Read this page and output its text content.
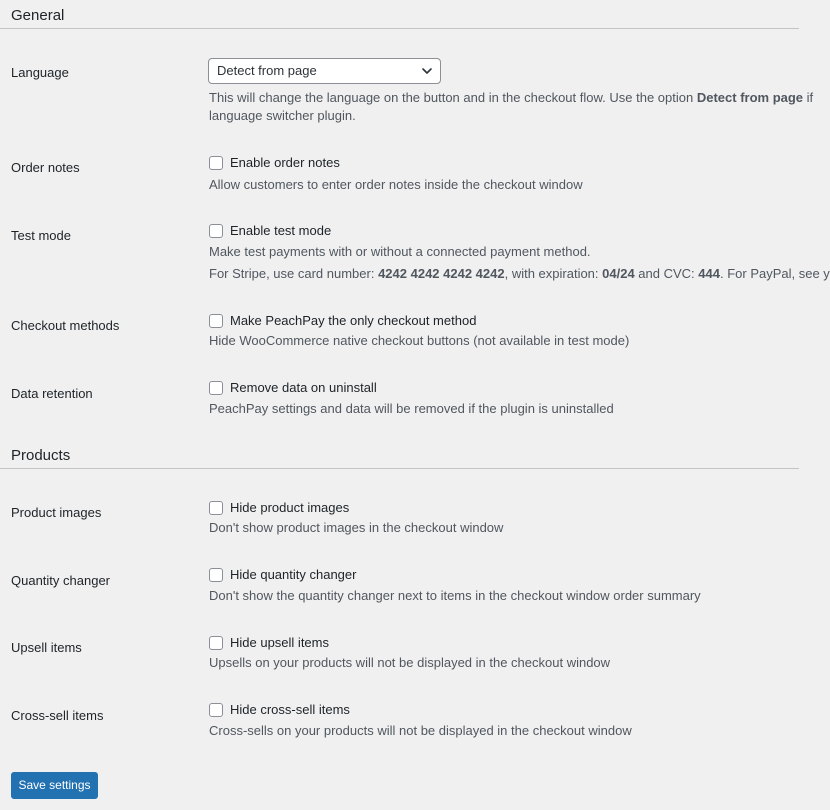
General
Language	Detect from page
This will change the language on the button and in the checkout flow. Use the option Detect from page if
language switcher plugin.
Order notes	Enable order notes
Allow customers to enter order notes inside the checkout window
Test mode	Enable test mode
Make test payments with or without a connected payment method.
For Stripe, use card number: 4242 4242 4242 4242, with expiration: 04/24 and CVC: 444. For PayPal, see y
Checkout methods	Make PeachPay the only checkout method
Hide WooCommerce native checkout buttons (not available in test mode)
Data retention	Remove data on uninstall
PeachPay settings and data will be removed if the plugin is uninstalled
Products
Product images	Hide product images
Don't show product images in the checkout window
Quantity changer	Hide quantity changer
Don't show the quantity changer next to items in the checkout window order summary
Upsell items	Hide upsell items
Upsells on your products will not be displayed in the checkout window
Cross-sell items	Hide cross-sell items
Cross-sells on your products will not be displayed in the checkout window
Save settings
